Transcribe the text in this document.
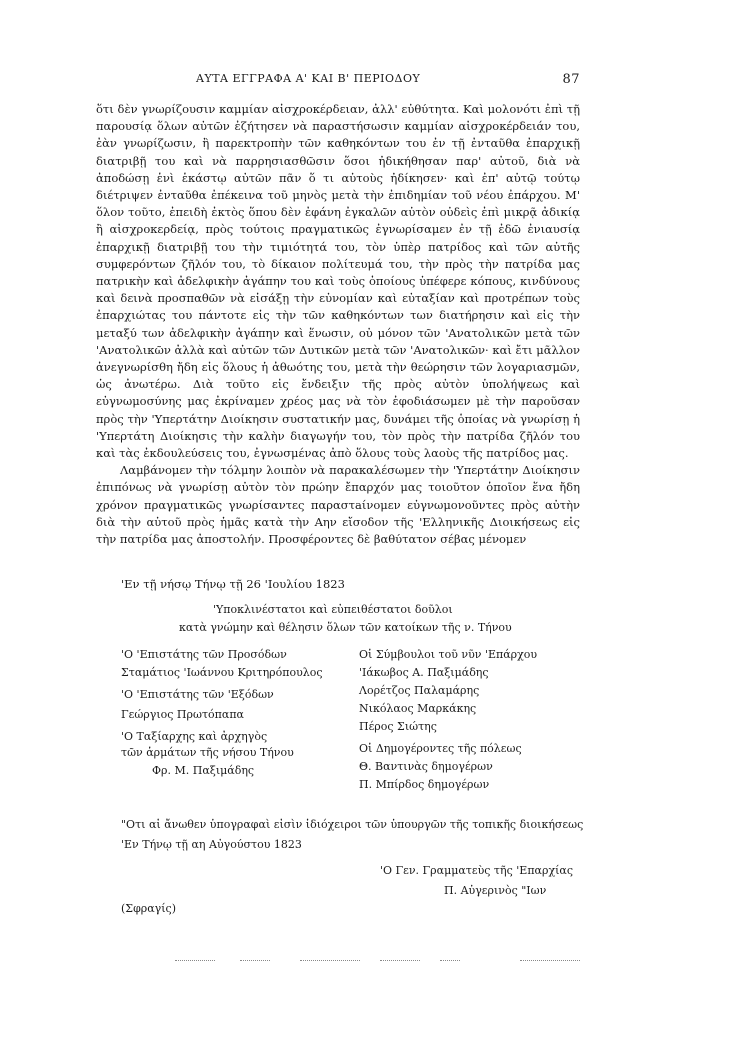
ΑΥΤΑ ΕΓΓΡΑΦΑ Α' ΚΑΙ Β' ΠΕΡΙΟΔΟΥ	87

ὅτι δὲν γνωρίζουσιν καμμίαν αἰσχροκέρδειαν, ἀλλ' εὐθύτητα. Καὶ μολονότι ἐπὶ τῇ παρουσίᾳ ὅλων αὐτῶν ἐζήτησεν νὰ παραστήσωσιν καμμίαν αἰσχροκέρδειάν του, ἐὰν γνωρίζωσιν, ἢ παρεκτροπὴν τῶν καθηκόντων του ἐν τῇ ἐνταῦθα ἐπαρχικῇ διατριβῇ του καὶ νὰ παρρησιασθῶσιν ὅσοι ἠδικήθησαν παρ' αὐτοῦ, διὰ νὰ ἀποδώσῃ ἑνὶ ἑκάστῳ αὐτῶν πᾶν ὅ τι αὐτοὺς ἠδίκησεν· καὶ ἐπ' αὐτῷ τούτῳ διέτριψεν ἐνταῦθα ἐπέκεινα τοῦ μηνὸς μετὰ τὴν ἐπιδημίαν τοῦ νέου ἐπάρχου. Μ' ὅλον τοῦτο, ἐπειδὴ ἐκτὸς ὅπου δὲν ἐφάνη ἐγκαλῶν αὐτὸν οὐδεὶς ἐπὶ μικρᾷ ἀδικίᾳ ἢ αἰσχροκερδείᾳ, πρὸς τούτοις πραγματικῶς ἐγνωρίσαμεν ἐν τῇ ἐδῶ ἐνιαυσίᾳ ἐπαρχικῇ διατριβῇ του τὴν τιμιότητά του, τὸν ὑπὲρ πατρίδος καὶ τῶν αὐτῆς συμφερόντων ζῆλόν του, τὸ δίκαιον πολίτευμά του, τὴν πρὸς τὴν πατρίδα μας πατρικὴν καὶ ἀδελφικὴν ἀγάπην του καὶ τοὺς ὁποίους ὑπέφερε κόπους, κινδύνους καὶ δεινὰ προσπαθῶν νὰ εἰσάξῃ τὴν εὐνομίαν καὶ εὐταξίαν καὶ προτρέπων τοὺς ἐπαρχιώτας του πάντοτε εἰς τὴν τῶν καθηκόντων των διατήρησιν καὶ εἰς τὴν μεταξύ των ἀδελφικὴν ἀγάπην καὶ ἕνωσιν, οὐ μόνον τῶν 'Ανατολικῶν μετὰ τῶν 'Ανατολικῶν ἀλλὰ καὶ αὐτῶν τῶν Δυτικῶν μετὰ τῶν 'Ανατολικῶν· καὶ ἔτι μᾶλλον ἀνεγνωρίσθη ἤδη εἰς ὅλους ἡ ἀθωότης του, μετὰ τὴν θεώρησιν τῶν λογαριασμῶν, ὡς ἀνωτέρω. Διὰ τοῦτο εἰς ἔνδειξιν τῆς πρὸς αὐτὸν ὑπολήψεως καὶ εὐγνωμοσύνης μας ἐκρίναμεν χρέος μας νὰ τὸν ἐφοδιάσωμεν μὲ τὴν παροῦσαν πρὸς τὴν 'Υπερτάτην Διοίκησιν συστατικήν μας, δυνάμει τῆς ὁποίας νὰ γνωρίσῃ ἡ 'Υπερτάτη Διοίκησις τὴν καλὴν διαγωγήν του, τὸν πρὸς τὴν πατρίδα ζῆλόν του καὶ τὰς ἐκδουλεύσεις του, ἐγνωσμένας ἀπὸ ὅλους τοὺς λαοὺς τῆς πατρίδος μας.

Λαμβάνομεν τὴν τόλμην λοιπὸν νὰ παρακαλέσωμεν τὴν 'Υπερτάτην Διοίκησιν ἐπιπόνως νὰ γνωρίσῃ αὐτὸν τὸν πρώην ἔπαρχόν μας τοιοῦτον ὁποῖον ἕνα ἤδη χρόνον πραγματικῶς γνωρίσαντες παραστaίνομεν εὐγνωμονοῦντες πρὸς αὐτὴν διὰ τὴν αὐτοῦ πρὸς ἡμᾶς κατὰ τὴν Αην εἴσοδον τῆς 'Ελληνικῆς Διοικήσεως εἰς τὴν πατρίδα μας ἀποστολήν. Προσφέροντες δὲ βαθύτατον σέβας μένομεν

'Εν τῇ νήσῳ Τήνῳ τῇ 26 'Ιουλίου 1823
'Υποκλινέστατοι καὶ εὐπειθέστατοι δοῦλοι
κατὰ γνώμην καὶ θέλησιν ὅλων τῶν κατοίκων τῆς ν. Τήνου
'Ο 'Επιστάτης τῶν Προσόδων
Σταμάτιος 'Ιωάννου Κριτηρόπουλος
'Ο 'Επιστάτης τῶν 'Εξόδων
Γεώργιος Πρωτόπαπα
'Ο Ταξίαρχης καὶ ἀρχηγὸς
τῶν ἁρμάτων τῆς νήσου Τήνου
Φρ. Μ. Παξιμάδης
Οἱ Σύμβουλοι τοῦ νῦν 'Επάρχου
'Ιάκωβος Α. Παξιμάδης
Λορέτζος Παλαμάρης
Νικόλαος Μαρκάκης
Πέρος Σιώτης
Οἱ Δημογέροντες τῆς πόλεως
Θ. Βαντινὰς δημογέρων
Π. Μπίρδος δημογέρων
"Οτι αἱ ἄνωθεν ὑπογραφαὶ εἰσὶν ἰδιόχειροι τῶν ὑπουργῶν τῆς τοπικῆς διοικήσεως
'Εν Τήνῳ τῇ αη Αὐγούστου 1823
'Ο Γεν. Γραμματεὺς τῆς 'Επαρχίας
Π. Αὐγερινὸς "Ιων
(Σφραγίς)
